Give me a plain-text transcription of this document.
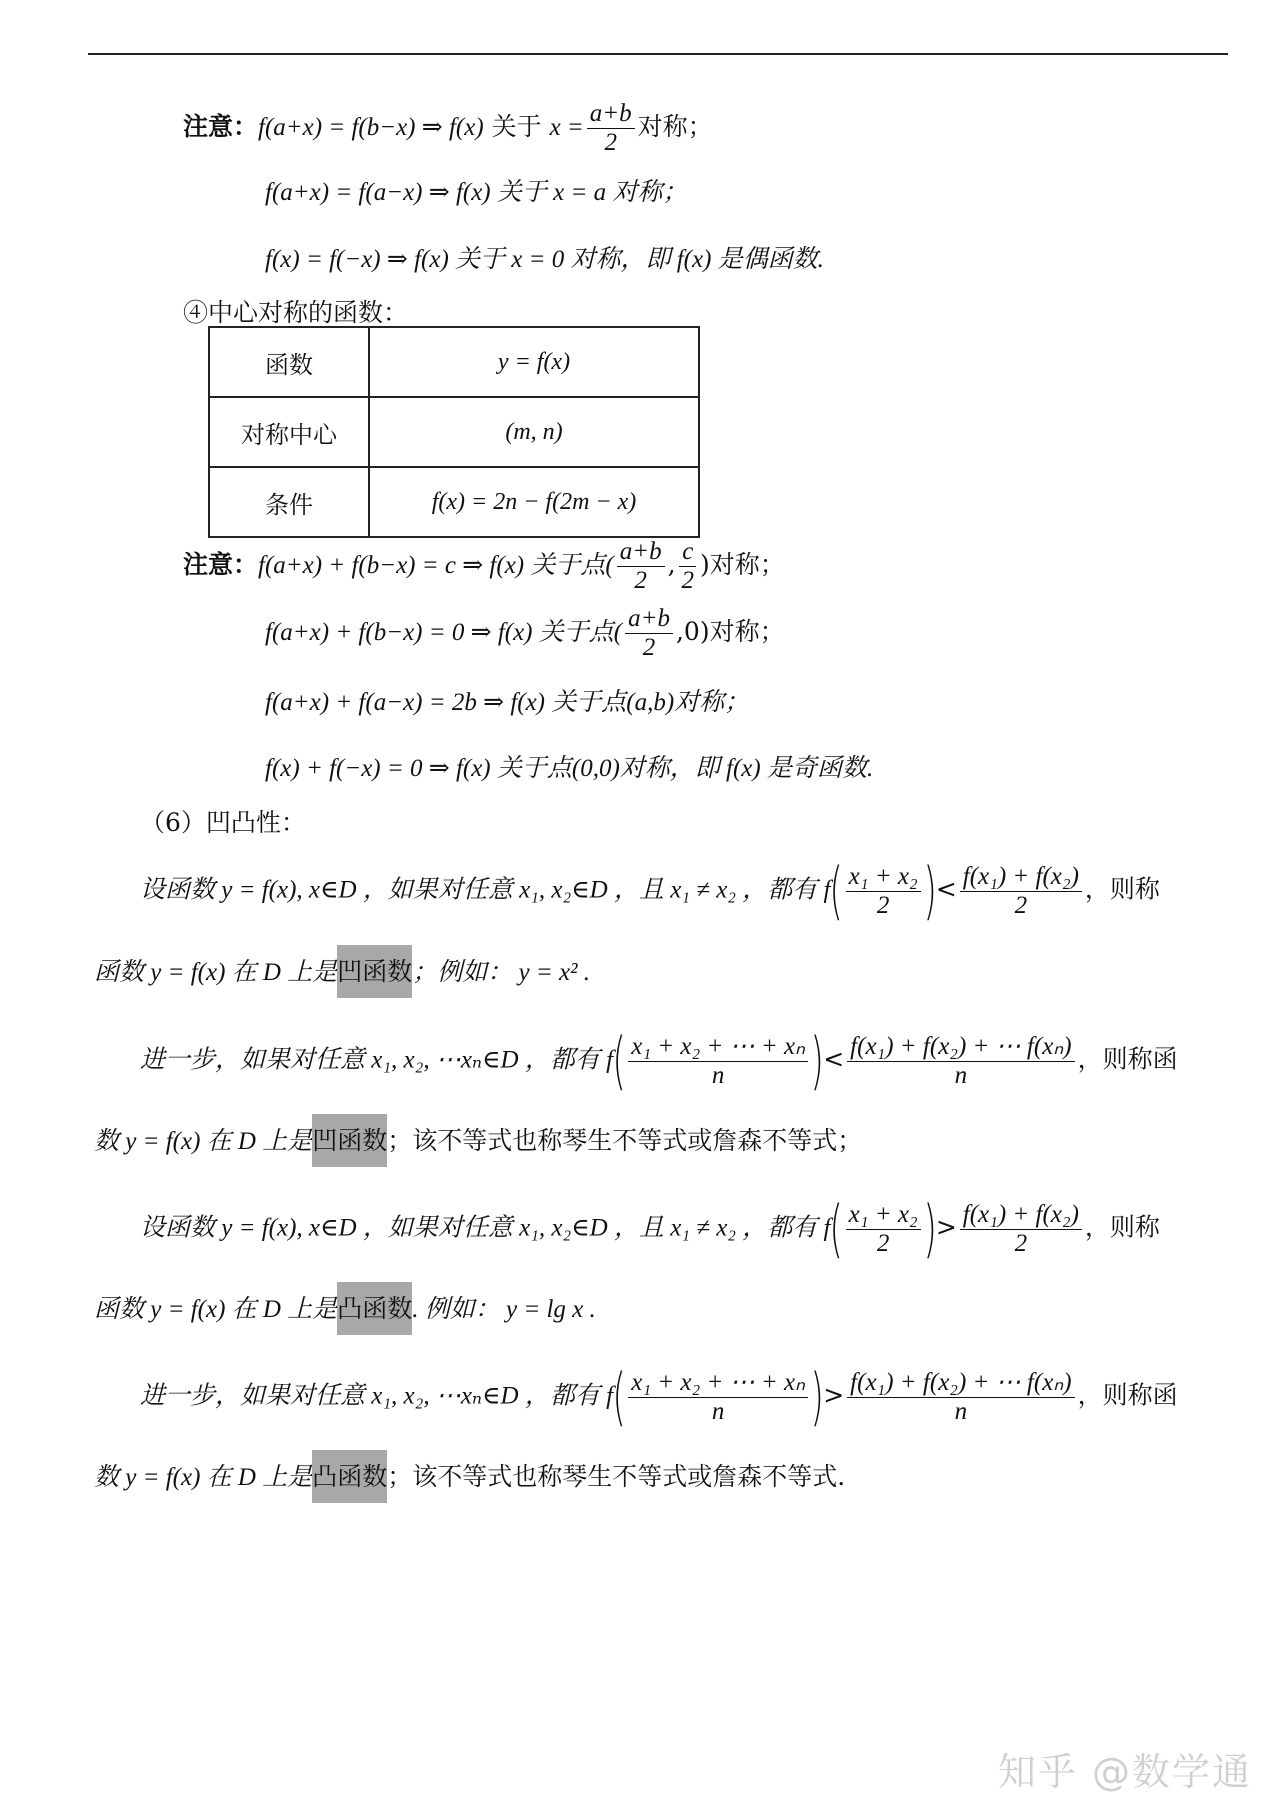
注意：f(a+x) = f(b−x) ⇒ f(x) 关于 $x = \frac{a+b}{2}$ 对称；
f(a+x) = f(a−x) ⇒ f(x) 关于 x = a 对称；
f(x) = f(−x) ⇒ f(x) 关于 x = 0 对称，即 f(x) 是偶函数.
④中心对称的函数：
函数	y = f(x)
对称中心	(m, n)
条件	f(x) = 2n − f(2m − x)
注意：f(a+x) + f(b−x) = c ⇒ f(x) 关于点( $\frac{a+b}{2}$ , $\frac{c}{2}$ )对称；
f(a+x) + f(b−x) = 0 ⇒ f(x) 关于点( $\frac{a+b}{2} ,0$)对称；
f(a+x) + f(a−x) = 2b ⇒ f(x) 关于点(a,b)对称；
f(x) + f(−x) = 0 ⇒ f(x) 关于点(0,0)对称，即 f(x) 是奇函数.
（6）凹凸性：
设函数 y = f(x), x∈D ，如果对任意 x₁, x₂∈D ，且 x₁ ≠ x₂ ，都有 $f( \frac{\text{x₁ + x₂}}{2}$ )< $\frac{\text{f(x₁) + f(x₂)}}{2}$ ，则称
函数 y = f(x) 在 D 上是凹函数；例如： y = x² .
进一步，如果对任意 x₁, x₂, ⋯xₙ∈D ，都有 $f( \frac{\text{x₁ + x₂ + ⋯ + xₙ}}{n}$ )< $\frac{\text{f(x₁) + f(x₂) + ⋯ f(xₙ)}}{n}$ ，则称函
数 y = f(x) 在 D 上是凹函数；该不等式也称琴生不等式或詹森不等式；
设函数 y = f(x), x∈D ，如果对任意 x₁, x₂∈D ，且 x₁ ≠ x₂ ，都有 $f( \frac{\text{x₁ + x₂}}{2}$ )> $\frac{\text{f(x₁) + f(x₂)}}{2}$ ，则称
函数 y = f(x) 在 D 上是凸函数. 例如： y = lg x .
进一步，如果对任意 x₁, x₂, ⋯xₙ∈D ，都有 $f( \frac{\text{x₁ + x₂ + ⋯ + xₙ}}{n}$ )> $\frac{\text{f(x₁) + f(x₂) + ⋯ f(xₙ)}}{n}$ ，则称函
数 y = f(x) 在 D 上是凸函数；该不等式也称琴生不等式或詹森不等式.
知乎 @数学通
